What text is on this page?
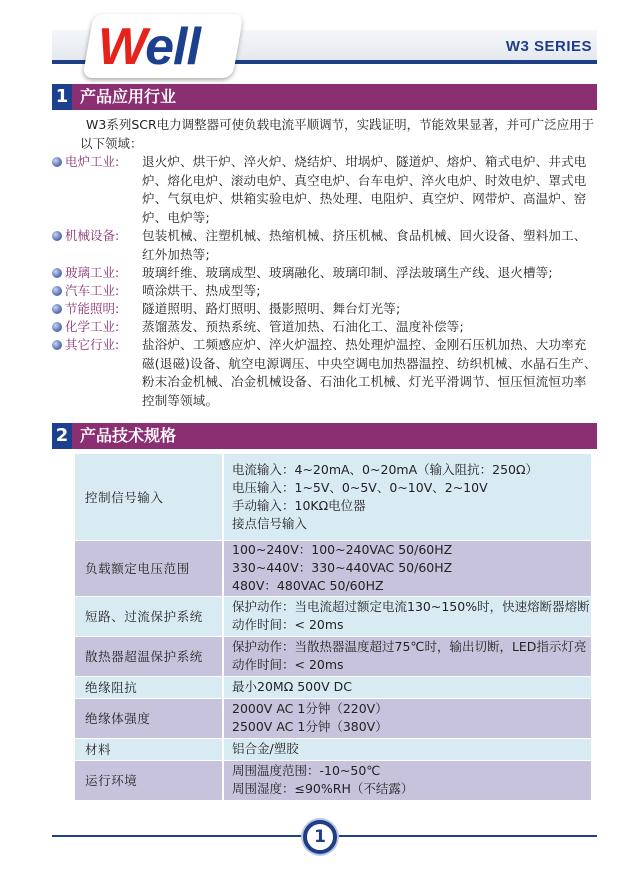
Well	W3 SERIES
1 产品应用行业

W3系列SCR电力调整器可使负载电流平顺调节，实践证明，节能效果显著，并可广泛应用于以下领域：

电炉工业: 退火炉、烘干炉、淬火炉、烧结炉、坩埚炉、隧道炉、熔炉、箱式电炉、井式电炉、熔化电炉、滚动电炉、真空电炉、台车电炉、淬火电炉、时效电炉、罩式电炉、气氛电炉、烘箱实验电炉、热处理、电阻炉、真空炉、网带炉、高温炉、窑炉、电炉等;
机械设备: 包装机械、注塑机械、热缩机械、挤压机械、食品机械、回火设备、塑料加工、红外加热等;
玻璃工业: 玻璃纤维、玻璃成型、玻璃融化、玻璃印制、浮法玻璃生产线、退火槽等;
汽车工业: 喷涂烘干、热成型等;
节能照明: 隧道照明、路灯照明、摄影照明、舞台灯光等;
化学工业: 蒸馏蒸发、预热系统、管道加热、石油化工、温度补偿等;
其它行业: 盐浴炉、工频感应炉、淬火炉温控、热处理炉温控、金刚石压机加热、大功率充磁(退磁)设备、航空电源调压、中央空调电加热器温控、纺织机械、水晶石生产、粉末冶金机械、冶金机械设备、石油化工机械、灯光平滑调节、恒压恒流恒功率控制等领域。
2 产品技术规格
控制信号输入	电流输入：4~20mA、0~20mA（输入阻抗：250Ω）
电压输入：1~5V、0~5V、0~10V、2~10V
手动输入：10KΩ电位器
接点信号输入

负载额定电压范围	100~240V：100~240VAC 50/60HZ
330~440V：330~440VAC 50/60HZ
480V：480VAC 50/60HZ

短路、过流保护系统	保护动作：当电流超过额定电流130~150%时，快速熔断器熔断
动作时间：< 20ms

散热器超温保护系统	保护动作：当散热器温度超过75℃时，输出切断，LED指示灯亮
动作时间：< 20ms

绝缘阻抗	最小20MΩ 500V DC

绝缘体强度	2000V AC 1分钟（220V）
2500V AC 1分钟（380V）

材料	铝合金/塑胶

运行环境	周围温度范围：-10~50℃
周围湿度：≤90%RH（不结露）
1
